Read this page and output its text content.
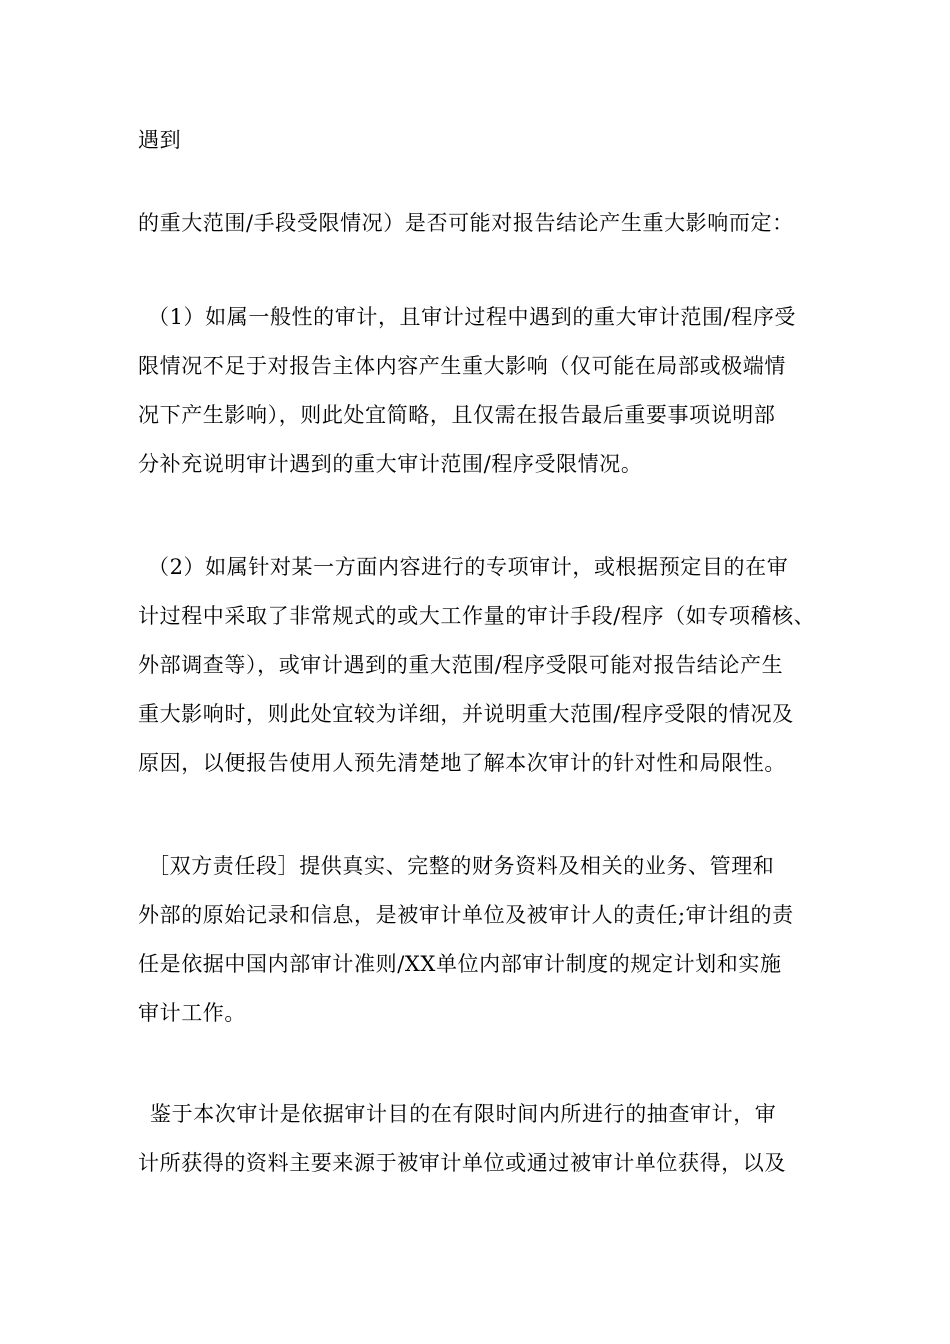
遇到
的重大范围/手段受限情况）是否可能对报告结论产生重大影响而定：
（1）如属一般性的审计，且审计过程中遇到的重大审计范围/程序受
限情况不足于对报告主体内容产生重大影响（仅可能在局部或极端情
况下产生影响），则此处宜简略，且仅需在报告最后重要事项说明部
分补充说明审计遇到的重大审计范围/程序受限情况。
（2）如属针对某一方面内容进行的专项审计，或根据预定目的在审
计过程中采取了非常规式的或大工作量的审计手段/程序（如专项稽核、
外部调查等），或审计遇到的重大范围/程序受限可能对报告结论产生
重大影响时，则此处宜较为详细，并说明重大范围/程序受限的情况及
原因，以便报告使用人预先清楚地了解本次审计的针对性和局限性。
［双方责任段］提供真实、完整的财务资料及相关的业务、管理和
外部的原始记录和信息，是被审计单位及被审计人的责任;审计组的责
任是依据中国内部审计准则/XX单位内部审计制度的规定计划和实施
审计工作。
鉴于本次审计是依据审计目的在有限时间内所进行的抽查审计，审
计所获得的资料主要来源于被审计单位或通过被审计单位获得，以及
